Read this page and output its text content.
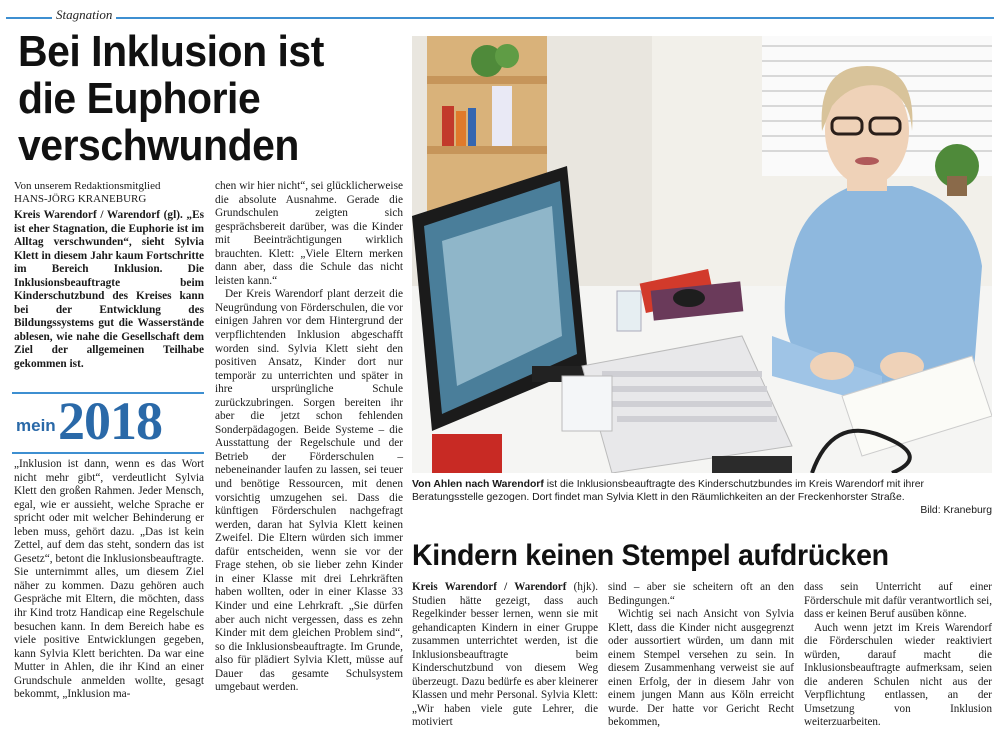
Stagnation
Bei Inklusion ist die Euphorie verschwunden
Von unserem Redaktionsmitglied
HANS-JÖRG KRANEBURG
Kreis Warendorf / Warendorf (gl). „Es ist eher Stagnation, die Euphorie ist im Alltag verschwunden“, sieht Sylvia Klett in diesem Jahr kaum Fortschritte im Bereich Inklusion. Die Inklusionsbeauftragte beim Kinderschutzbund des Kreises kann bei der Entwicklung des Bildungssystems gut die Wasserstände ablesen, wie nahe die Gesellschaft dem Ziel der allgemeinen Teilhabe gekommen ist.
mein 2018

„Inklusion ist dann, wenn es das Wort nicht mehr gibt“, verdeutlicht Sylvia Klett den großen Rahmen. Jeder Mensch, egal, wie er aussieht, welche Sprache er spricht oder mit welcher Behinderung er leben muss, gehört dazu. „Das ist kein Zettel, auf dem das steht, sondern das ist Gesetz“, betont die Inklusionsbeauftragte. Sie unternimmt alles, um diesem Ziel näher zu kommen. Dazu gehören auch Gespräche mit Eltern, die möchten, dass ihr Kind trotz Handicap eine Regelschule besuchen kann. In dem Bereich habe es viele positive Entwicklungen gegeben, kann Sylvia Klett berichten. Da war eine Mutter in Ahlen, die ihr Kind an einer Grundschule anmelden wollte, gesagt bekommt, „Inklusion ma-

chen wir hier nicht“, sei glücklicherweise die absolute Ausnahme. Gerade die Grundschulen zeigten sich gesprächsbereit darüber, was die Kinder mit Beeinträchtigungen wirklich brauchten. Klett: „Viele Eltern merken dann aber, dass die Schule das nicht leisten kann.“

Der Kreis Warendorf plant derzeit die Neugründung von Förderschulen, die vor einigen Jahren vor dem Hintergrund der verpflichtenden Inklusion abgeschafft worden sind. Sylvia Klett sieht den positiven Ansatz, Kinder dort nur temporär zu unterrichten und später in ihre ursprüngliche Schule zurückzubringen. Sorgen bereiten ihr aber die jetzt schon fehlenden Sonderpädagogen. Beide Systeme – die Ausstattung der Regelschule und der Betrieb der Förderschulen – nebeneinander laufen zu lassen, sei teuer und benötige Ressourcen, mit denen vorsichtig umzugehen sei. Dass die künftigen Förderschulen nachgefragt werden, daran hat Sylvia Klett keinen Zweifel. Die Eltern würden sich immer dafür entscheiden, wenn sie vor der Frage stehen, ob sie lieber zehn Kinder in einer Klasse mit drei Lehrkräften haben wollten, oder in einer Klasse 33 Kinder und eine Lehrkraft. „Sie dürfen aber auch nicht vergessen, dass es zehn Kinder mit dem gleichen Problem sind“, so die Inklusionsbeauftragte. Im Grunde, also für plädiert Sylvia Klett, müsse auf Dauer das gesamte Schulsystem umgebaut werden.

Von Ahlen nach Warendorf ist die Inklusionsbeauftragte des Kinderschutzbundes im Kreis Warendorf mit ihrer Beratungsstelle gezogen. Dort findet man Sylvia Klett in den Räumlichkeiten an der Freckenhorster Straße.
Bild: Kraneburg
Kindern keinen Stempel aufdrücken

Kreis Warendorf / Warendorf (hjk). Studien hätte gezeigt, dass auch Regelkinder besser lernen, wenn sie mit gehandicapten Kindern in einer Gruppe zusammen unterrichtet werden, ist die Inklusionsbeauftragte beim Kinderschutzbund von diesem Weg überzeugt. Dazu bedürfe es aber kleinerer Klassen und mehr Personal. Sylvia Klett: „Wir haben viele gute Lehrer, die motiviert

sind – aber sie scheitern oft an den Bedingungen.“

Wichtig sei nach Ansicht von Sylvia Klett, dass die Kinder nicht ausgegrenzt oder aussortiert würden, um dann mit einem Stempel versehen zu sein. In diesem Zusammenhang verweist sie auf einen Erfolg, der in diesem Jahr von einem jungen Mann aus Köln erreicht wurde. Der hatte vor Gericht Recht bekommen,

dass sein Unterricht auf einer Förderschule mit dafür verantwortlich sei, dass er keinen Beruf ausüben könne.

Auch wenn jetzt im Kreis Warendorf die Förderschulen wieder reaktiviert würden, darauf macht die Inklusionsbeauftragte aufmerksam, seien die anderen Schulen nicht aus der Verpflichtung entlassen, an der Umsetzung von Inklusion weiterzuarbeiten.
